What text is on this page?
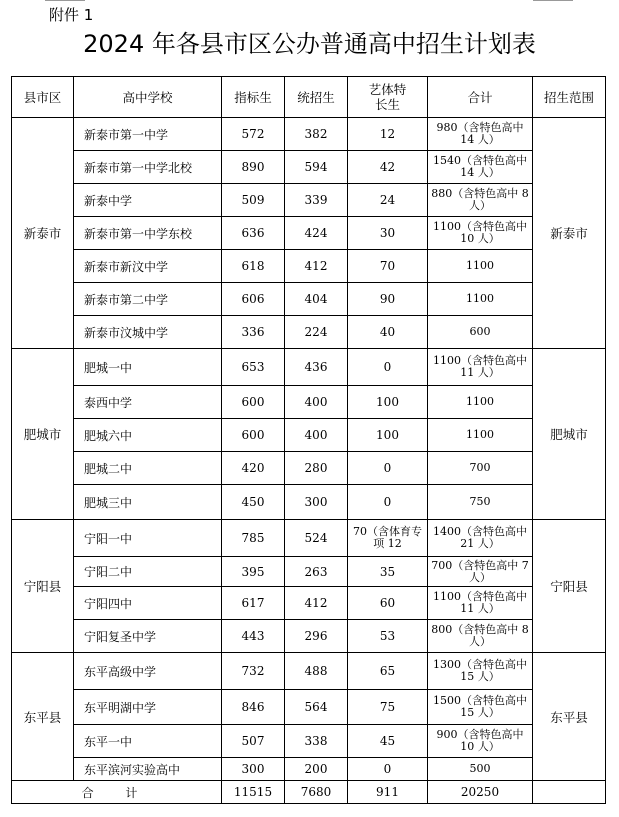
附件 1
2024 年各县市区公办普通高中招生计划表
县市区	高中学校	指标生	统招生	艺体特长生	合计	招生范围
新泰市	新泰市第一中学	572	382	12	980（含特色高中 14 人）	新泰市
	新泰市第一中学北校	890	594	42	1540（含特色高中 14 人）	
	新泰中学	509	339	24	880（含特色高中 8 人）	
	新泰市第一中学东校	636	424	30	1100（含特色高中 10 人）	
	新泰市新汶中学	618	412	70	1100	
	新泰市第二中学	606	404	90	1100	
	新泰市汶城中学	336	224	40	600	
肥城市	肥城一中	653	436	0	1100（含特色高中 11 人）	肥城市
	泰西中学	600	400	100	1100	
	肥城六中	600	400	100	1100	
	肥城二中	420	280	0	700	
	肥城三中	450	300	0	750	
宁阳县	宁阳一中	785	524	70（含体育专项 12	1400（含特色高中 21 人）	宁阳县
	宁阳二中	395	263	35	700（含特色高中 7 人）	
	宁阳四中	617	412	60	1100（含特色高中 11 人）	
	宁阳复圣中学	443	296	53	800（含特色高中 8 人）	
东平县	东平高级中学	732	488	65	1300（含特色高中 15 人）	东平县
	东平明湖中学	846	564	75	1500（含特色高中 15 人）	
	东平一中	507	338	45	900（含特色高中 10 人）	
	东平滨河实验高中	300	200	0	500	
合 计		11515	7680	911	20250	
